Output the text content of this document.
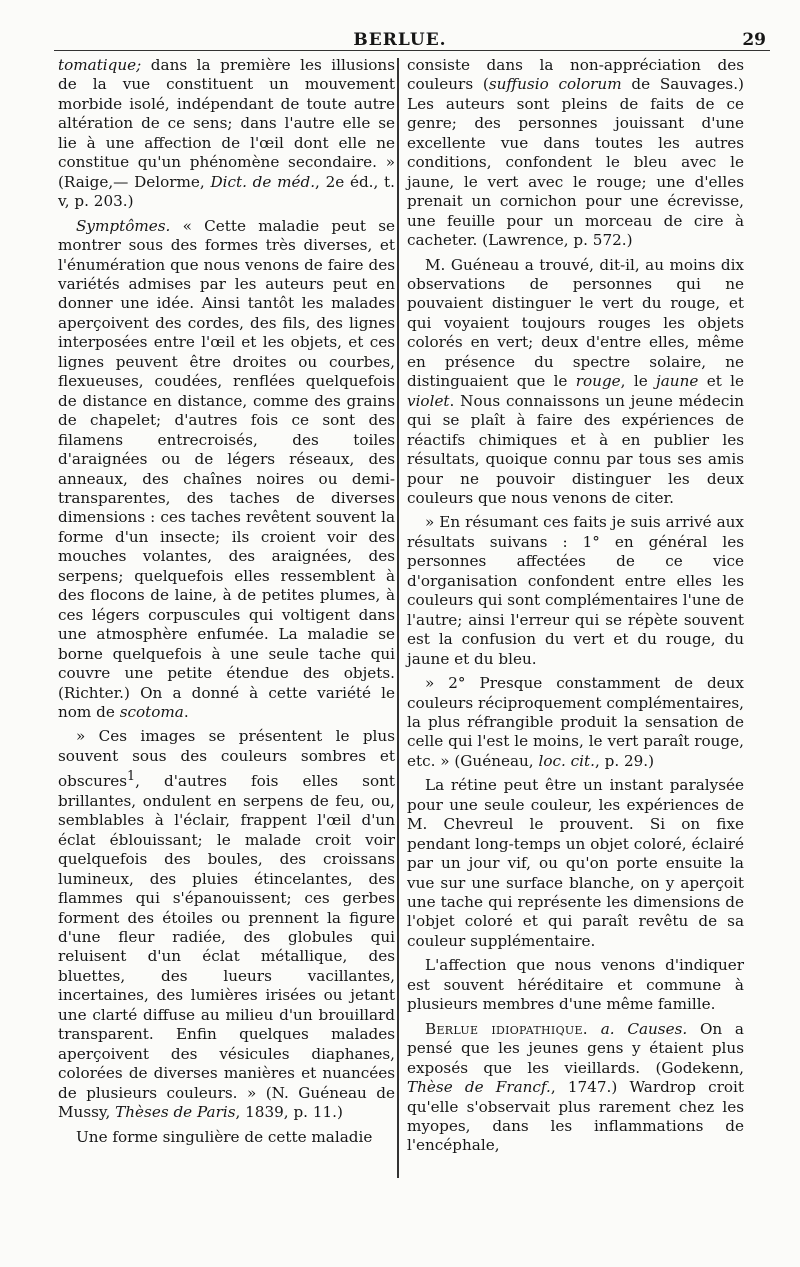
BERLUE.	29

tomatique; dans la première les illusions de la vue constituent un mouvement morbide isolé, indépendant de toute autre altération de ce sens; dans l'autre elle se lie à une affection de l'œil dont elle ne constitue qu'un phénomène secondaire. » (Raige,— Delorme, Dict. de méd., 2e éd., t. v, p. 203.)

Symptômes. « Cette maladie peut se montrer sous des formes très diverses, et l'énumération que nous venons de faire des variétés admises par les auteurs peut en donner une idée. Ainsi tantôt les malades aperçoivent des cordes, des fils, des lignes interposées entre l'œil et les objets, et ces lignes peuvent être droites ou courbes, flexueuses, coudées, renflées quelquefois de distance en distance, comme des grains de chapelet; d'autres fois ce sont des filamens entrecroisés, des toiles d'araignées ou de légers réseaux, des anneaux, des chaînes noires ou demi-transparentes, des taches de diverses dimensions : ces taches revêtent souvent la forme d'un insecte; ils croient voir des mouches volantes, des araignées, des serpens; quelquefois elles ressemblent à des flocons de laine, à de petites plumes, à ces légers corpuscules qui voltigent dans une atmosphère enfumée. La maladie se borne quelquefois à une seule tache qui couvre une petite étendue des objets. (Richter.) On a donné à cette variété le nom de scotoma.

» Ces images se présentent le plus souvent sous des couleurs sombres et obscures$^1$, d'autres fois elles sont brillantes, ondulent en serpens de feu, ou, semblables à l'éclair, frappent l'œil d'un éclat éblouissant; le malade croit voir quelquefois des boules, des croissans lumineux, des pluies étincelantes, des flammes qui s'épanouissent; ces gerbes forment des étoiles ou prennent la figure d'une fleur radiée, des globules qui reluisent d'un éclat métallique, des bluettes, des lueurs vacillantes, incertaines, des lumières irisées ou jetant une clarté diffuse au milieu d'un brouillard transparent. Enfin quelques malades aperçoivent des vésicules diaphanes, colorées de diverses manières et nuancées de plusieurs couleurs. » (N. Guéneau de Mussy, Thèses de Paris, 1839, p. 11.)

Une forme singulière de cette maladie

consiste dans la non-appréciation des couleurs (suffusio colorum de Sauvages.) Les auteurs sont pleins de faits de ce genre; des personnes jouissant d'une excellente vue dans toutes les autres conditions, confondent le bleu avec le jaune, le vert avec le rouge; une d'elles prenait un cornichon pour une écrevisse, une feuille pour un morceau de cire à cacheter. (Lawrence, p. 572.)

M. Guéneau a trouvé, dit-il, au moins dix observations de personnes qui ne pouvaient distinguer le vert du rouge, et qui voyaient toujours rouges les objets colorés en vert; deux d'entre elles, même en présence du spectre solaire, ne distinguaient que le rouge, le jaune et le violet. Nous connaissons un jeune médecin qui se plaît à faire des expériences de réactifs chimiques et à en publier les résultats, quoique connu par tous ses amis pour ne pouvoir distinguer les deux couleurs que nous venons de citer.

» En résumant ces faits je suis arrivé aux résultats suivans : 1° en général les personnes affectées de ce vice d'organisation confondent entre elles les couleurs qui sont complémentaires l'une de l'autre; ainsi l'erreur qui se répète souvent est la confusion du vert et du rouge, du jaune et du bleu.

» 2° Presque constamment de deux couleurs réciproquement complémentaires, la plus réfrangible produit la sensation de celle qui l'est le moins, le vert paraît rouge, etc. » (Guéneau, loc. cit., p. 29.)

La rétine peut être un instant paralysée pour une seule couleur, les expériences de M. Chevreul le prouvent. Si on fixe pendant long-temps un objet coloré, éclairé par un jour vif, ou qu'on porte ensuite la vue sur une surface blanche, on y aperçoit une tache qui représente les dimensions de l'objet coloré et qui paraît revêtu de sa couleur supplémentaire.

L'affection que nous venons d'indiquer est souvent héréditaire et commune à plusieurs membres d'une même famille.

Berlue idiopathique. a. Causes. On a pensé que les jeunes gens y étaient plus exposés que les vieillards. (Godekenn, Thèse de Francf., 1747.) Wardrop croit qu'elle s'observait plus rarement chez les myopes, dans les inflammations de l'encéphale,
